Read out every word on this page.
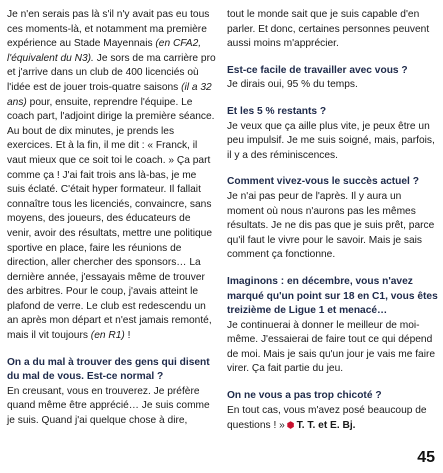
Je n'en serais pas là s'il n'y avait pas eu tous ces moments-là, et notamment ma première expérience au Stade Mayennais (en CFA2, l'équivalent du N3). Je sors de ma carrière pro et j'arrive dans un club de 400 licenciés où l'idée est de jouer trois-quatre saisons (il a 32 ans) pour, ensuite, reprendre l'équipe. Le coach part, l'adjoint dirige la première séance. Au bout de dix minutes, je prends les exercices. Et à la fin, il me dit : « Franck, il vaut mieux que ce soit toi le coach. » Ça part comme ça ! J'ai fait trois ans là-bas, je me suis éclaté. C'était hyper formateur. Il fallait connaître tous les licenciés, convaincre, sans moyens, des joueurs, des éducateurs de venir, avoir des résultats, mettre une politique sportive en place, faire les réunions de direction, aller chercher des sponsors… La dernière année, j'essayais même de trouver des arbitres. Pour le coup, j'avais atteint le plafond de verre. Le club est redescendu un an après mon départ et n'est jamais remonté, mais il vit toujours (en R1) !

On a du mal à trouver des gens qui disent du mal de vous. Est-ce normal ?

En creusant, vous en trouverez. Je préfère quand même être apprécié… Je suis comme je suis. Quand j'ai quelque chose à dire,

tout le monde sait que je suis capable d'en parler. Et donc, certaines personnes peuvent aussi moins m'apprécier.

Est-ce facile de travailler avec vous ?

Je dirais oui, 95 % du temps.

Et les 5 % restants ?

Je veux que ça aille plus vite, je peux être un peu impulsif. Je me suis soigné, mais, parfois, il y a des réminiscences.

Comment vivez-vous le succès actuel ?

Je n'ai pas peur de l'après. Il y aura un moment où nous n'aurons pas les mêmes résultats. Je ne dis pas que je suis prêt, parce qu'il faut le vivre pour le savoir. Mais je sais comment ça fonctionne.

Imaginons : en décembre, vous n'avez marqué qu'un point sur 18 en C1, vous êtes treizième de Ligue 1 et menacé…

Je continuerai à donner le meilleur de moi-même. J'essaierai de faire tout ce qui dépend de moi. Mais je sais qu'un jour je vais me faire virer. Ça fait partie du jeu.

On ne vous a pas trop chicoté ?

En tout cas, vous m'avez posé beaucoup de questions ! » ⬢ T. T. et E. Bj.

45
